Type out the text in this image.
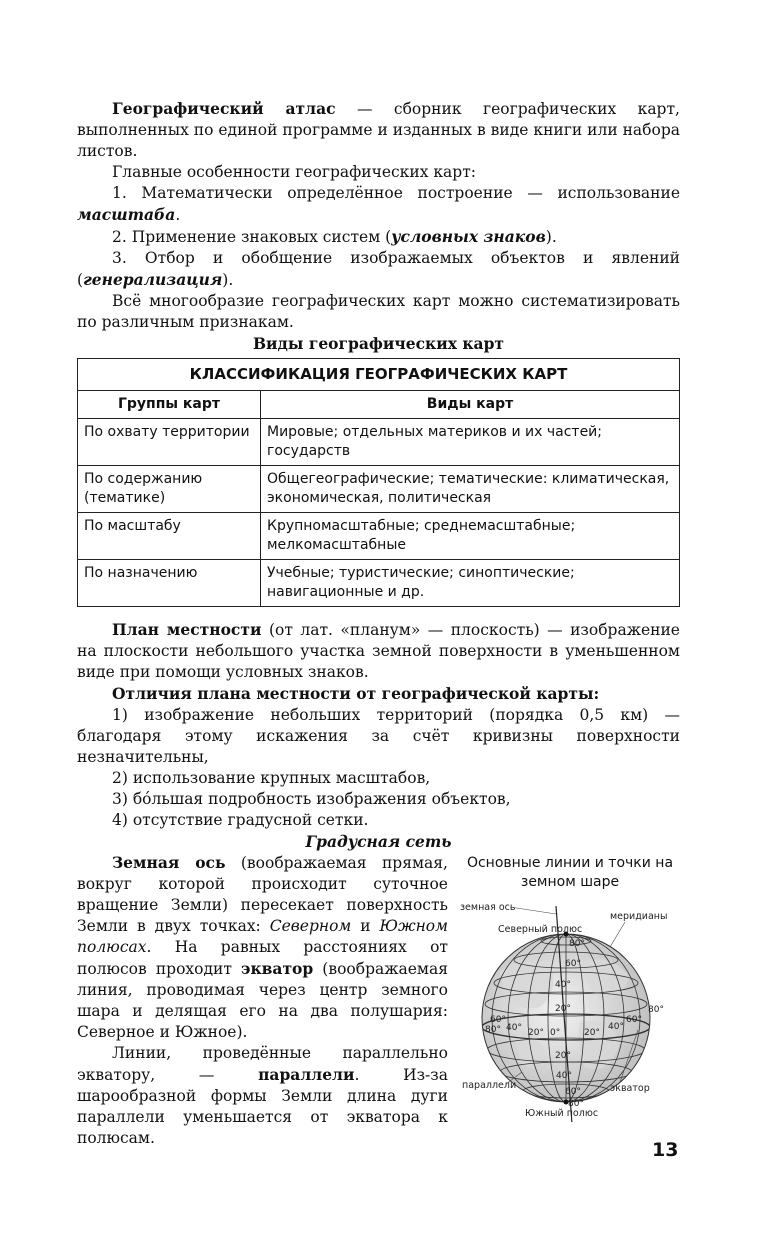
Географический атлас — сборник географических карт, выполненных по единой программе и изданных в виде книги или набора листов.

Главные особенности географических карт:

1. Математически определённое построение — использование масштаба.

2. Применение знаковых систем (условных знаков).

3. Отбор и обобщение изображаемых объектов и явлений (генерализация).

Всё многообразие географических карт можно систематизировать по различным признакам.

Виды географических карт

КЛАССИФИКАЦИЯ ГЕОГРАФИЧЕСКИХ КАРТ	
Группы карт	Виды карт
По охвату территории	Мировые; отдельных материков и их частей; государств
По содержанию (тематике)	Общегеографические; тематические: климатическая, экономическая, политическая
По масштабу	Крупномасштабные; среднемасштабные; мелкомасштабные
По назначению	Учебные; туристические; синоптические; навигационные и др.

План местности (от лат. «планум» — плоскость) — изображение на плоскости небольшого участка земной поверхности в уменьшенном виде при помощи условных знаков.

Отличия плана местности от географической карты:

1) изображение небольших территорий (порядка 0,5 км) — благодаря этому искажения за счёт кривизны поверхности незначительны,

2) использование крупных масштабов,

3) бóльшая подробность изображения объектов,

4) отсутствие градусной сетки.

Градусная сеть

Основные линии и точки на земном шаре
земная ось
Северный полюс
меридианы
параллели	экватор
Южный полюс
80°
60°
40°
20°
0°
20°
40°
60°
80°
20°
40°
60°
80°	20°
40°
60°
80°

Земная ось (воображаемая прямая, вокруг которой происходит суточное вращение Земли) пересекает поверхность Земли в двух точках: Северном и Южном полюсах. На равных расстояниях от полюсов проходит экватор (воображаемая линия, проводимая через центр земного шара и делящая его на два полушария: Северное и Южное).

Линии, проведённые параллельно экватору, — параллели. Из-за шарообразной формы Земли длина дуги параллели уменьшается от экватора к полюсам.

13
